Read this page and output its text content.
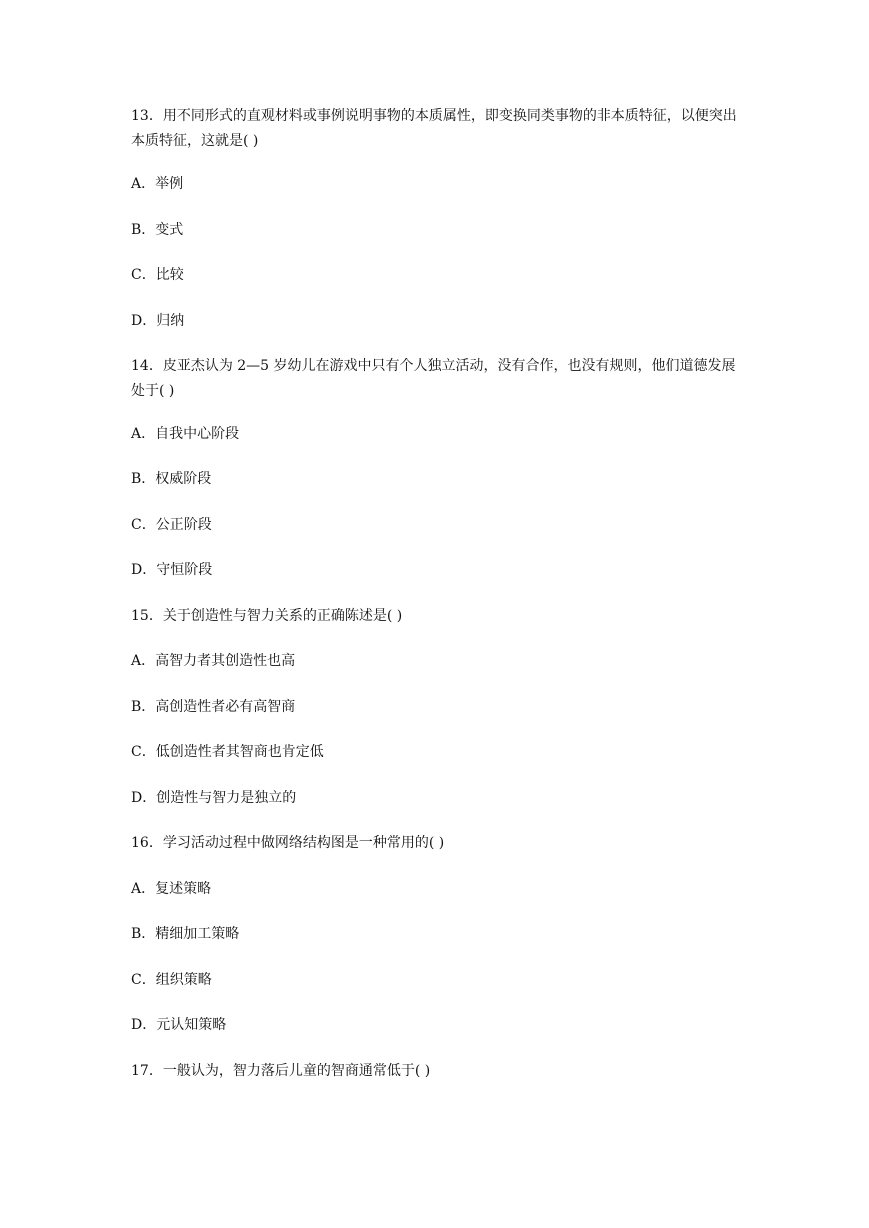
13．用不同形式的直观材料或事例说明事物的本质属性，即变换同类事物的非本质特征，以便突出本质特征，这就是( )
A．举例
B．变式
C．比较
D．归纳
14．皮亚杰认为 2—5 岁幼儿在游戏中只有个人独立活动，没有合作，也没有规则，他们道德发展处于( )
A．自我中心阶段
B．权威阶段
C．公正阶段
D．守恒阶段
15．关于创造性与智力关系的正确陈述是( )
A．高智力者其创造性也高
B．高创造性者必有高智商
C．低创造性者其智商也肯定低
D．创造性与智力是独立的
16．学习活动过程中做网络结构图是一种常用的( )
A．复述策略
B．精细加工策略
C．组织策略
D．元认知策略
17．一般认为，智力落后儿童的智商通常低于( )
